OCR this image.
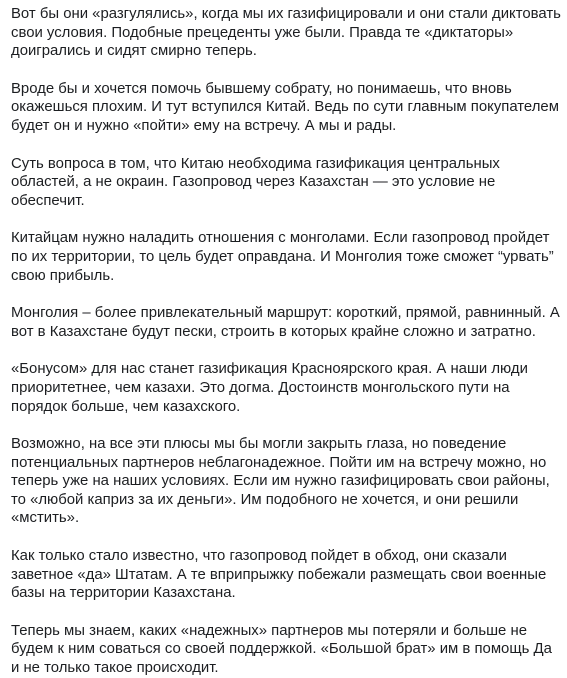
Вот бы они «разгулялись», когда мы их газифицировали и они стали диктовать свои условия. Подобные прецеденты уже были. Правда те «диктаторы» доигрались и сидят смирно теперь.

Вроде бы и хочется помочь бывшему собрату, но понимаешь, что вновь окажешься плохим. И тут вступился Китай. Ведь по сути главным покупателем будет он и нужно «пойти» ему на встречу. А мы и рады.

Суть вопроса в том, что Китаю необходима газификация центральных областей, а не окраин. Газопровод через Казахстан — это условие не обеспечит.

Китайцам нужно наладить отношения с монголами. Если газопровод пройдет по их территории, то цель будет оправдана. И Монголия тоже сможет “урвать” свою прибыль.

Монголия – более привлекательный маршрут: короткий, прямой, равнинный. А вот в Казахстане будут пески, строить в которых крайне сложно и затратно.

«Бонусом» для нас станет газификация Красноярского края. А наши люди приоритетнее, чем казахи. Это догма. Достоинств монгольского пути на порядок больше, чем казахского.

Возможно, на все эти плюсы мы бы могли закрыть глаза, но поведение потенциальных партнеров неблагонадежное. Пойти им на встречу можно, но теперь уже на наших условиях. Если им нужно газифицировать свои районы, то «любой каприз за их деньги». Им подобного не хочется, и они решили «мстить».

Как только стало известно, что газопровод пойдет в обход, они сказали заветное «да» Штатам. А те вприпрыжку побежали размещать свои военные базы на территории Казахстана.

Теперь мы знаем, каких «надежных» партнеров мы потеряли и больше не будем к ним соваться со своей поддержкой. «Большой брат» им в помощь Да и не только такое происходит.
